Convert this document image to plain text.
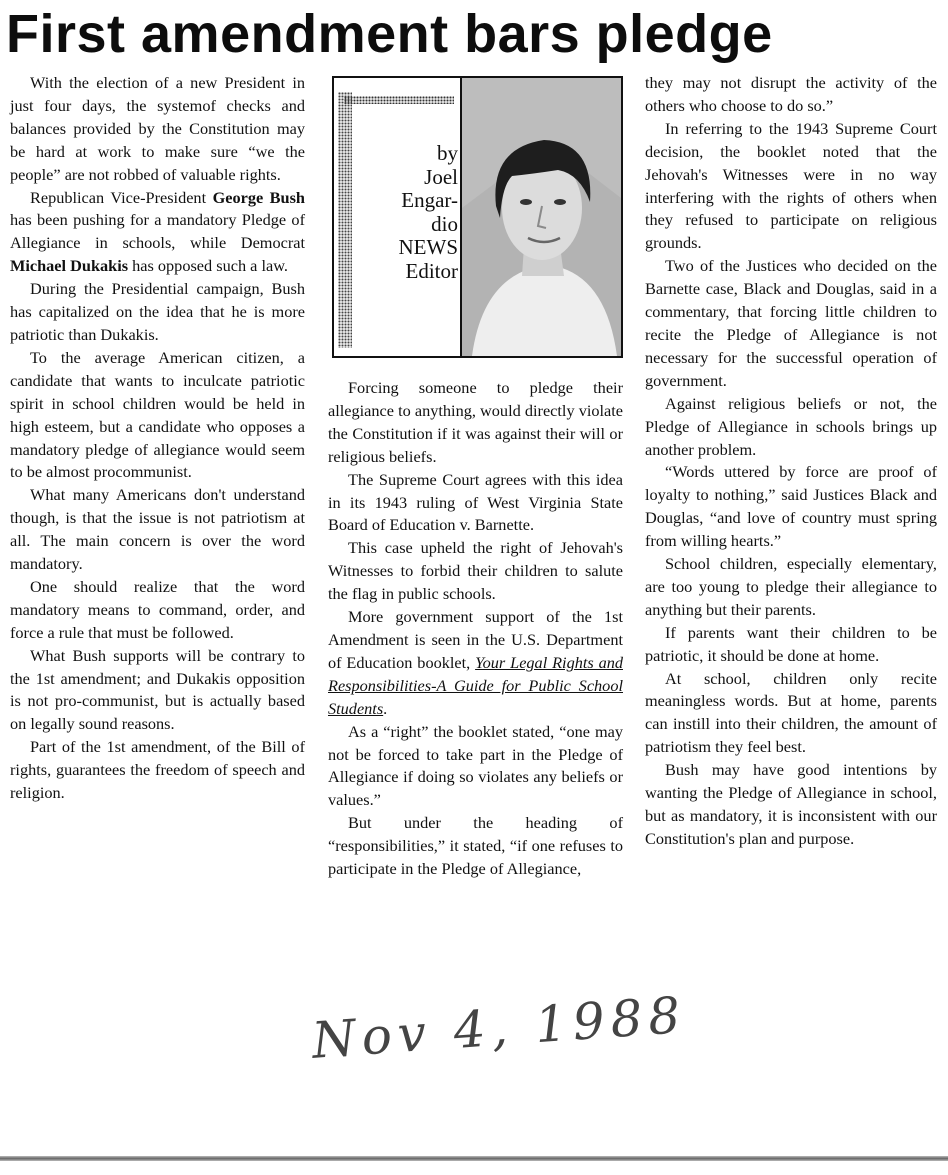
First amendment bars pledge

With the election of a new President in just four days, the systemof checks and balances provided by the Constitution may be hard at work to make sure “we the people” are not robbed of valuable rights.

Republican Vice-President George Bush has been pushing for a mandatory Pledge of Allegiance in schools, while Democrat Michael Dukakis has opposed such a law.

During the Presidential campaign, Bush has capitalized on the idea that he is more patriotic than Dukakis.

To the average American citizen, a candidate that wants to inculcate patriotic spirit in school children would be held in high esteem, but a candidate who opposes a mandatory pledge of allegiance would seem to be almost procommunist.

What many Americans don't understand though, is that the issue is not patriotism at all. The main concern is over the word mandatory.

One should realize that the word mandatory means to command, order, and force a rule that must be followed.

What Bush supports will be contrary to the 1st amendment; and Dukakis opposition is not pro-communist, but is actually based on legally sound reasons.

Part of the 1st amendment, of the Bill of rights, guarantees the freedom of speech and religion.

by
Joel
Engar-
dio
NEWS
Editor

Forcing someone to pledge their allegiance to anything, would directly violate the Constitution if it was against their will or religious beliefs.

The Supreme Court agrees with this idea in its 1943 ruling of West Virginia State Board of Education v. Barnette.

This case upheld the right of Jehovah's Witnesses to forbid their children to salute the flag in public schools.

More government support of the 1st Amendment is seen in the U.S. Department of Education booklet, Your Legal Rights and Responsibilities-A Guide for Public School Students.

As a “right” the booklet stated, “one may not be forced to take part in the Pledge of Allegiance if doing so violates any beliefs or values.”

But under the heading of “responsibilities,” it stated, “if one refuses to participate in the Pledge of Allegiance,

they may not disrupt the activity of the others who choose to do so.”

In referring to the 1943 Supreme Court decision, the booklet noted that the Jehovah's Witnesses were in no way interfering with the rights of others when they refused to participate on religious grounds.

Two of the Justices who decided on the Barnette case, Black and Douglas, said in a commentary, that forcing little children to recite the Pledge of Allegiance is not necessary for the successful operation of government.

Against religious beliefs or not, the Pledge of Allegiance in schools brings up another problem.

“Words uttered by force are proof of loyalty to nothing,” said Justices Black and Douglas, “and love of country must spring from willing hearts.”

School children, especially elementary, are too young to pledge their allegiance to anything but their parents.

If parents want their children to be patriotic, it should be done at home.

At school, children only recite meaningless words. But at home, parents can instill into their children, the amount of patriotism they feel best.

Bush may have good intentions by wanting the Pledge of Allegiance in school, but as mandatory, it is inconsistent with our Constitution's plan and purpose.

Nov 4, 1988
